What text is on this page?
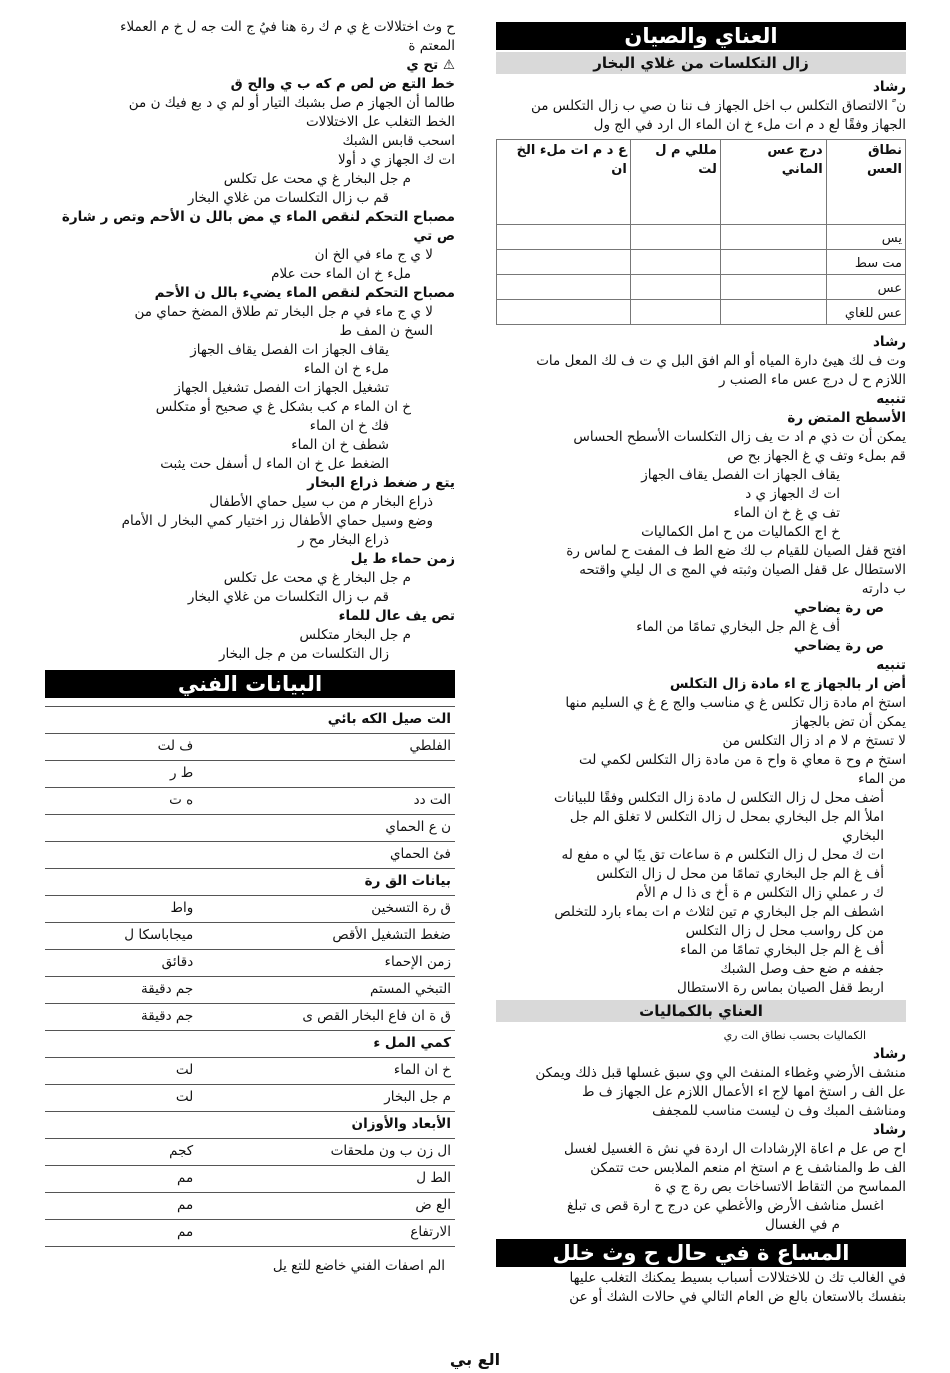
العناي والصيان
زال التكلسات من غلاي البخار
رشاد
ن ً الالتصاق التكلس ب اخل الجهاز ف ننا ن صي ب زال التكلس من
الجهاز وفقًا لع د م ات ملء خ ان الماء ال ارد في الج ول
نطاق العس	درج عس الماني	مللي م ل لت	ع د م ات ملء الخ ان
يس			
مت سط			
عس			
عس للغاي			
رشاد
وت ف لك هيئ دارة المياه أو الم افق البل ي ت ف لك المعل مات
اللازم ح ل درج عس ماء الصنب ر
تنبيه
الأسطح المتض رة
يمكن أن ت ذي م اد ت يف زال التكلسات الأسطح الحساس
قم بملء وتف ي غ الجهاز بح ص
يقاف الجهاز ات الفصل يقاف الجهاز
ات ك الجهاز ي د
تف ي غ خ ان الماء
خ اج الكماليات من ح امل الكماليات
افتح قفل الصيان للقيام ب لك ضع الط ف المفت ح لماس رة
الاستطال عل قفل الصيان وثبته في المج ى ال ليلي واقتحه
ب دارته
ص رة يضاحي
أف غ الم جل البخاري تمامًا من الماء
ص رة يضاحي
تنبيه
أض ار بالجهاز ج اء مادة زال التكلس
استخ ام مادة زال تكلس غ ي مناسب والج ع غ ي السليم منها
يمكن أن تض بالجهاز
لا تستخ م لا م اد زال التكلس من
استخ م وح ة معاي ة واح ة من مادة زال التكلس لكمي لت
من الماء
أضف محل ل زال التكلس ل مادة زال التكلس وفقًا للبيانات
املأ الم جل البخاري بمحل ل زال التكلس لا تغلق الم جل
البخاري
ات ك محل ل زال التكلس م ة ساعات تق يبًا لي ه مفع له
أف غ الم جل البخاري تمامًا من محل ل زال التكلس
ك ر عملي زال التكلس م ة أخ ى ذا ل م الأم
اشطف الم جل البخاري م تين لثلاث م ات بماء بارد للتخلص
من كل رواسب محل ل زال التكلس
أف غ الم جل البخاري تمامًا من الماء
جففه م ضع حف وصل الشبك
اربط قفل الصيان بماس رة الاستطال
العناي بالكماليات
الكماليات بحسب نطاق الت ري
رشاد
منشف الأرضي وغطاء المنفث الي وي سبق غسلها قبل ذلك ويمكن
عل الف ر استخ امها لإج اء الأعمال اللازم عل الجهاز ف ط
ومناشف المبك وف ن ليست مناسب للمجفف
رشاد
اح ص عل م اعاة الإرشادات ال اردة في نش ة الغسيل لغسل
الف ط والمناشف ع م استخ ام منعم الملابس حت تتمكن
المماسح من التقاط الاتساخات بص رة ج ي ة
اغسل مناشف الأرض والأغطي عن درج ح ارة قص ى تبلغ
م في الغسال
المساع ة في حال ح وث خلل
في الغالب تك ن للاختلالات أسباب بسيط يمكنك التغلب عليها
بنفسك بالاستعان بالع ض العام التالي في حالات الشك أو عن
ح وث اختلالات غ ي م ك رة هنا فيُ ج الت جه ل خ م العملاء
المعتم ة
⚠ تح ي
خط التع ض لص م كه ب ي والح ق
طالما أن الجهاز م صل بشبك التيار أو لم ي د بع فيك ن من
الخط التغلب عل الاختلالات
اسحب قابس الشبك
ات ك الجهاز ي د أولا
م جل البخار غ ي محت عل تكلس
قم ب زال التكلسات من غلاي البخار
مصباح التحكم لنقص الماء ي مض بالل ن الأحم وتص ر شارة
ص تي
لا ي ج ماء في الخ ان
ملء خ ان الماء حت علام
مصباح التحكم لنقص الماء يضيء بالل ن الأحم
لا ي ج ماء في م جل البخار تم طلاق المضخ حماي من
السخ ن المف ط
يقاف الجهاز ات الفصل يقاف الجهاز
ملء خ ان الماء
تشغيل الجهاز ات الفصل تشغيل الجهاز
خ ان الماء م كب بشكل غ ي صحيح أو متكلس
فك خ ان الماء
شطف خ ان الماء
الضغط عل خ ان الماء ل أسفل حت يثبت
يتع ر ضغط ذراع البخار
ذراع البخار م من ب سيل حماي الأطفال
وضع وسيل حماي الأطفال زر اختيار كمي البخار ل الأمام
ذراع البخار مح ر
زمن حماء ط يل
م جل البخار غ ي محت عل تكلس
قم ب زال التكلسات من غلاي البخار
تص يف عال للماء
م جل البخار متكلس
زال التكلسات من م جل البخار
البيانات الفني
الت صيل الكه بائي		
الفلطي		ف لت
		ط ر
الت دد		ه ت
ن ع الحماي		
فئ الحماي		
بيانات الق رة		
ق رة التسخين		واط
ضغط التشغيل الأقص		ميجاباسكا ل
زمن الإحماء		دقائق
التبخي المستم		جم دقيقة
ق ة ان فاع البخار القص ى		جم دقيقة
كمي المل ء		
خ ان الماء		لت
م جل البخار		لت
الأبعاد والأوزان		
ال زن ب ون ملحقات		كجم
الط ل		مم
الع ض		مم
الارتفاع		مم
الم اصفات الفني خاضع للتع يل
الع بي
